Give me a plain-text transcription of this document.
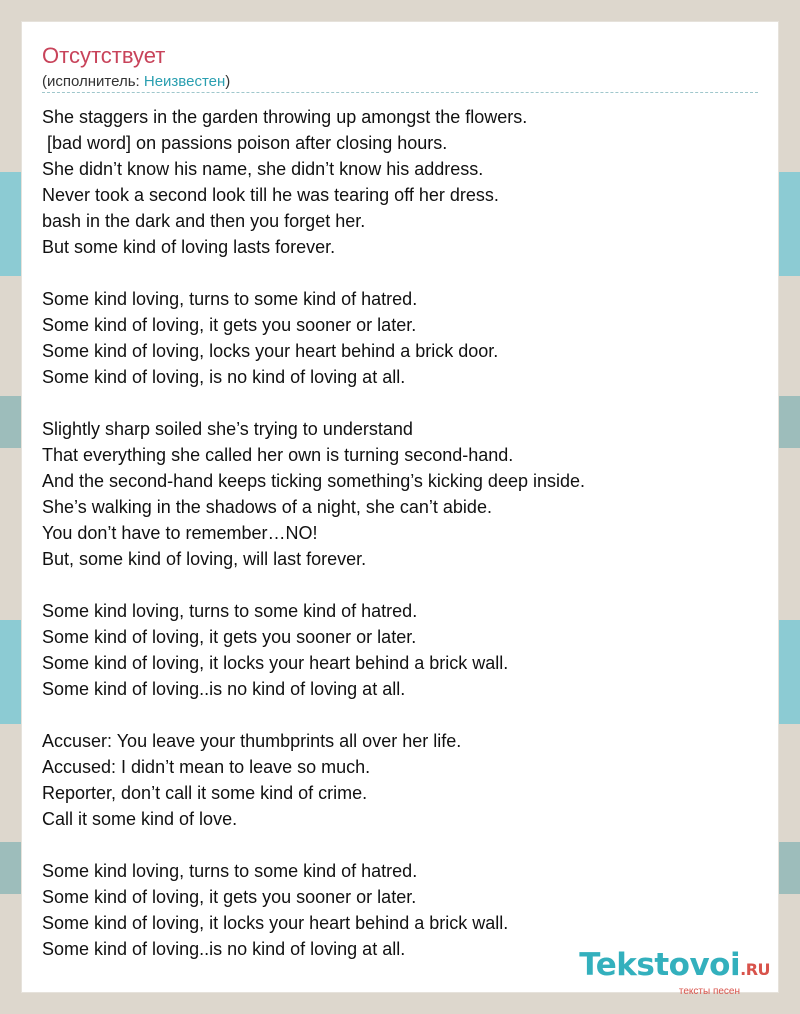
Отсутствует
(исполнитель: Неизвестен)
She staggers in the garden throwing up amongst the flowers.
[bad word] on passions poison after closing hours.
She didn’t know his name, she didn’t know his address.
Never took a second look till he was tearing off her dress.
bash in the dark and then you forget her.
But some kind of loving lasts forever.
Some kind loving, turns to some kind of hatred.
Some kind of loving, it gets you sooner or later.
Some kind of loving, locks your heart behind a brick door.
Some kind of loving, is no kind of loving at all.
Slightly sharp soiled she’s trying to understand
That everything she called her own is turning second-hand.
And the second-hand keeps ticking something’s kicking deep inside.
She’s walking in the shadows of a night, she can’t abide.
You don’t have to remember…NO!
But, some kind of loving, will last forever.
Some kind loving, turns to some kind of hatred.
Some kind of loving, it gets you sooner or later.
Some kind of loving, it locks your heart behind a brick wall.
Some kind of loving..is no kind of loving at all.
Accuser: You leave your thumbprints all over her life.
Accused: I didn’t mean to leave so much.
Reporter, don’t call it some kind of crime.
Call it some kind of love.
Some kind loving, turns to some kind of hatred.
Some kind of loving, it gets you sooner or later.
Some kind of loving, it locks your heart behind a brick wall.
Some kind of loving..is no kind of loving at all.	Tekstovoi.RU
тексты песен
